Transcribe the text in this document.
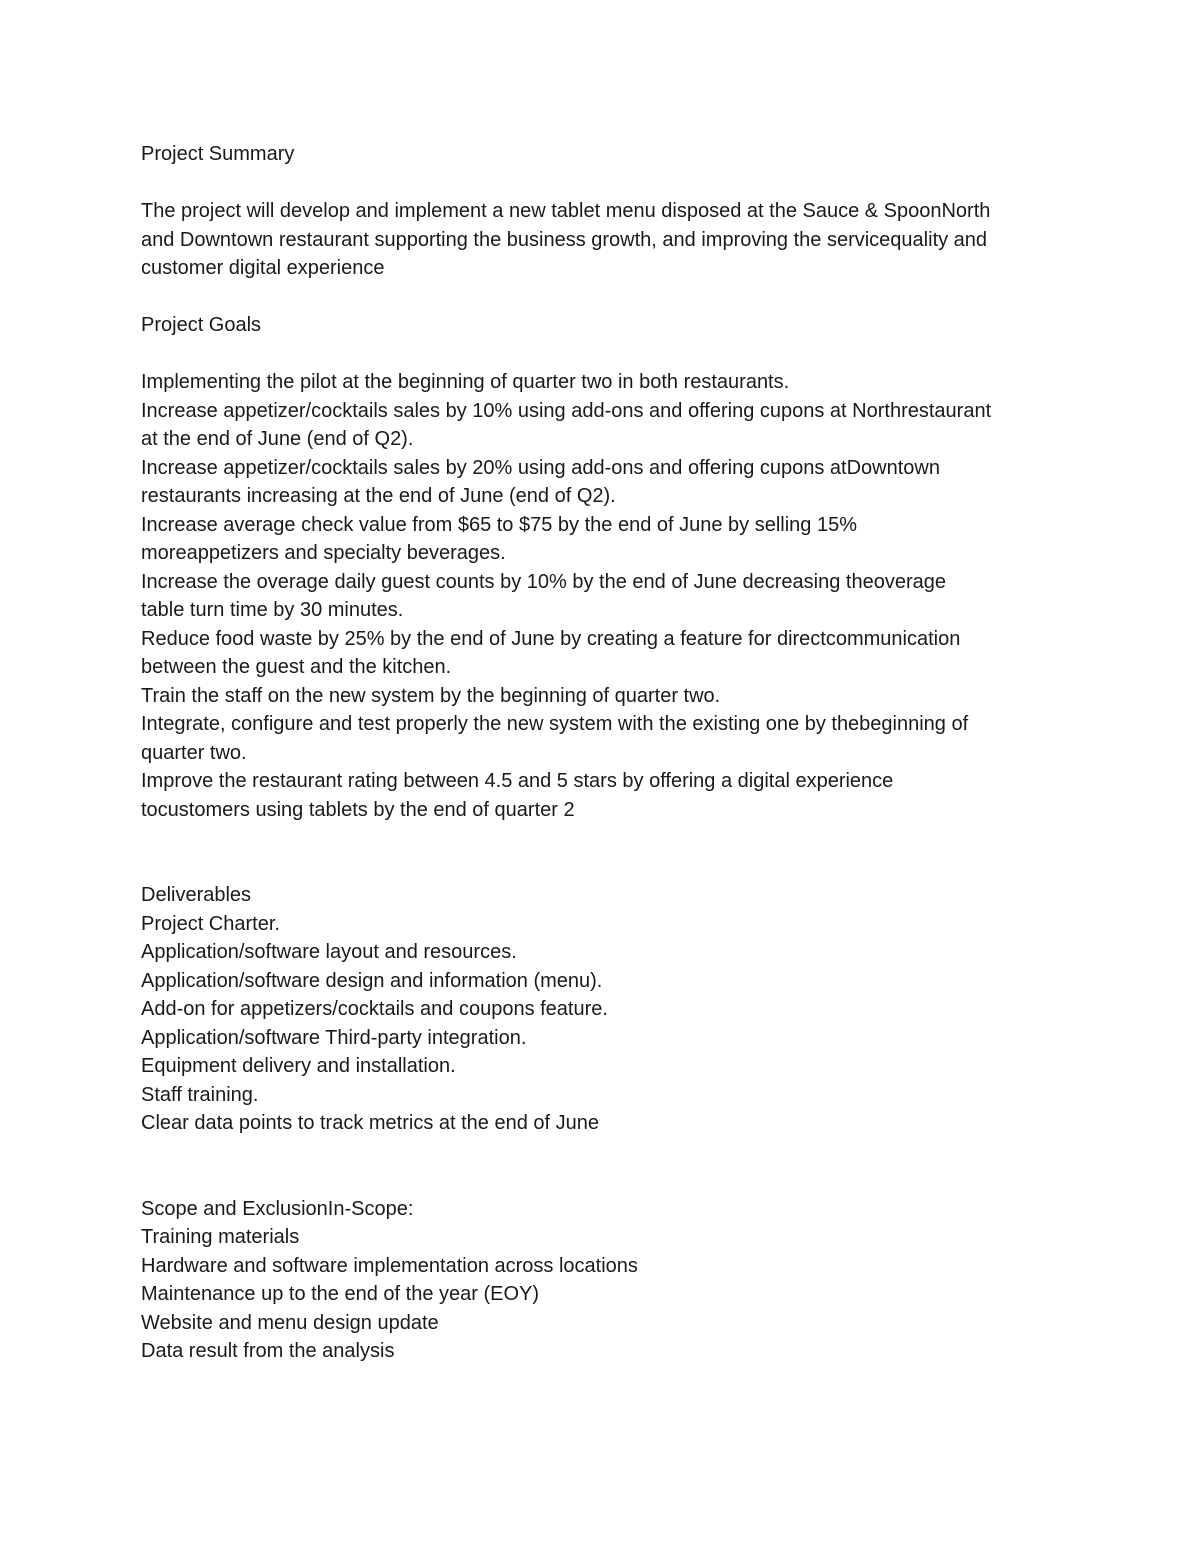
Project Summary
The project will develop and implement a new tablet menu disposed at the Sauce & SpoonNorth
and Downtown restaurant supporting the business growth, and improving the servicequality and
customer digital experience
Project Goals
Implementing the pilot at the beginning of quarter two in both restaurants.
Increase appetizer/cocktails sales by 10% using add-ons and offering cupons at Northrestaurant
at the end of June (end of Q2).
Increase appetizer/cocktails sales by 20% using add-ons and offering cupons atDowntown
restaurants increasing at the end of June (end of Q2).
Increase average check value from $65 to $75 by the end of June by selling 15%
moreappetizers and specialty beverages.
Increase the overage daily guest counts by 10% by the end of June decreasing theoverage
table turn time by 30 minutes.
Reduce food waste by 25% by the end of June by creating a feature for directcommunication
between the guest and the kitchen.
Train the staff on the new system by the beginning of quarter two.
Integrate, configure and test properly the new system with the existing one by thebeginning of
quarter two.
Improve the restaurant rating between 4.5 and 5 stars by offering a digital experience
tocustomers using tablets by the end of quarter 2
Deliverables
Project Charter.
Application/software layout and resources.
Application/software design and information (menu).
Add-on for appetizers/cocktails and coupons feature.
Application/software Third-party integration.
Equipment delivery and installation.
Staff training.
Clear data points to track metrics at the end of June
Scope and ExclusionIn-Scope:
Training materials
Hardware and software implementation across locations
Maintenance up to the end of the year (EOY)
Website and menu design update
Data result from the analysis
